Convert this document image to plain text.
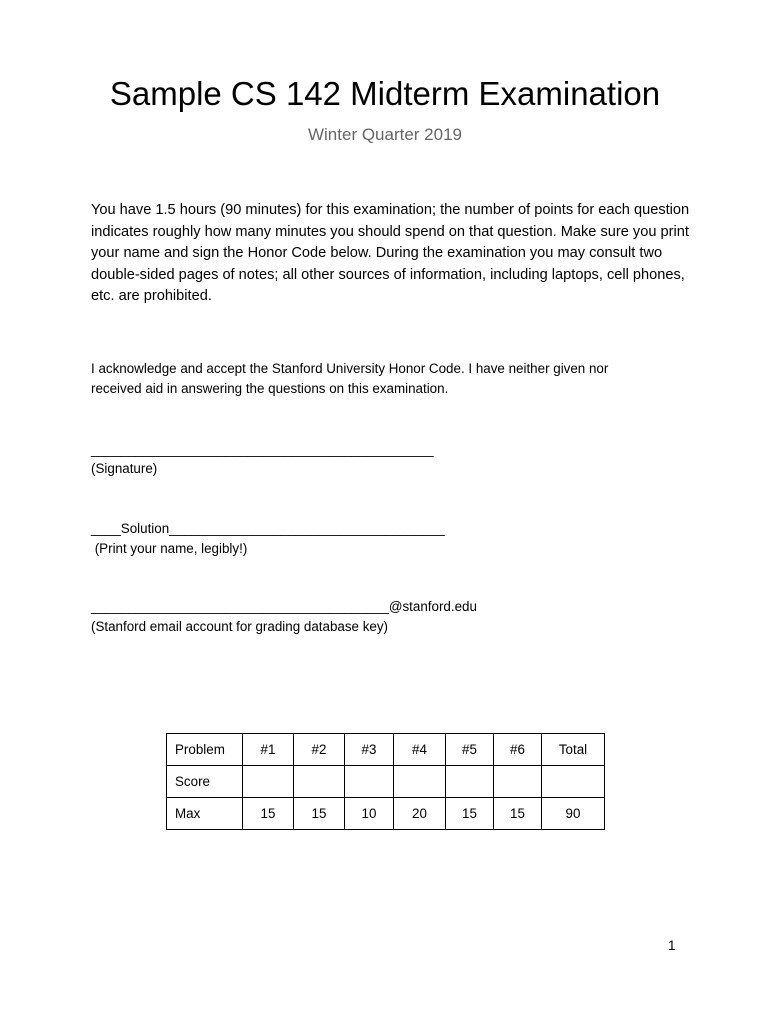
Sample CS 142 Midterm Examination
Winter Quarter 2019

You have 1.5 hours (90 minutes) for this examination; the number of points for each question indicates roughly how many minutes you should spend on that question. Make sure you print your name and sign the Honor Code below. During the examination you may consult two double-sided pages of notes; all other sources of information, including laptops, cell phones, etc. are prohibited.

I acknowledge and accept the Stanford University Honor Code. I have neither given nor received aid in answering the questions on this examination.

______________________________________________
(Signature)
____Solution_____________________________________
(Print your name, legibly!)
________________________________________@stanford.edu
(Stanford email account for grading database key)
Problem	#1	#2	#3	#4	#5	#6	Total
Score							
Max	15	15	10	20	15	15	90
1
